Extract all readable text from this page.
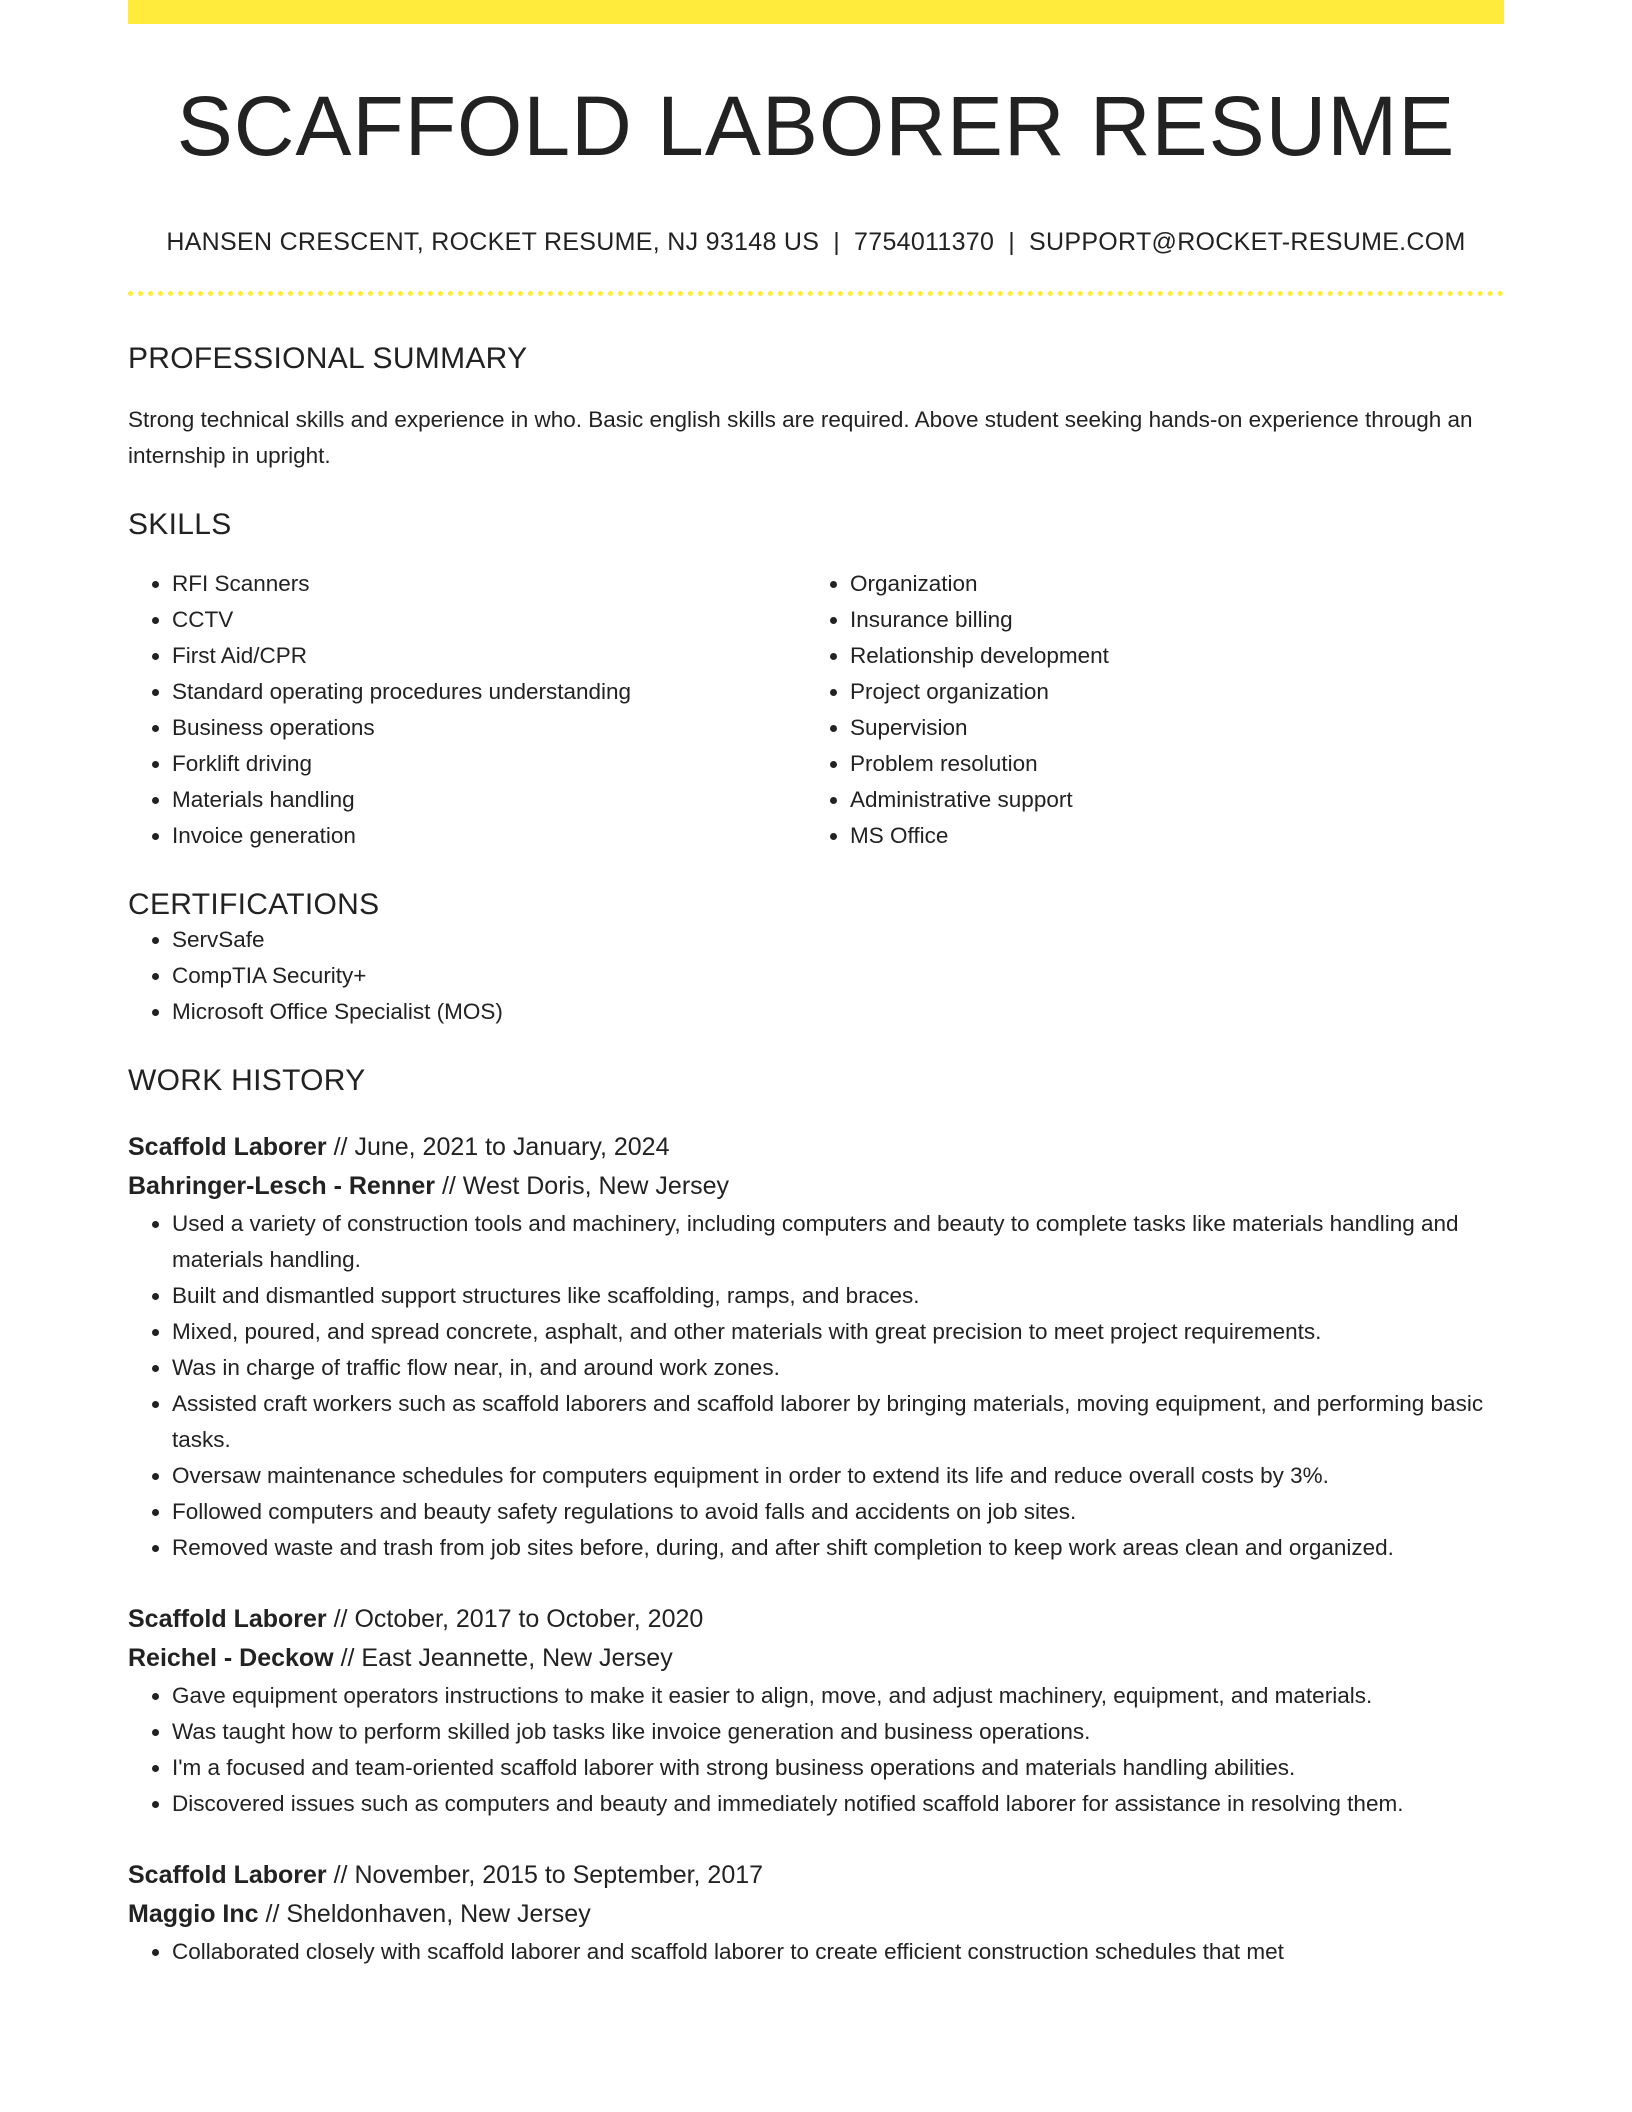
SCAFFOLD LABORER RESUME
HANSEN CRESCENT, ROCKET RESUME, NJ 93148 US | 7754011370 | SUPPORT@ROCKET-RESUME.COM
PROFESSIONAL SUMMARY

Strong technical skills and experience in who. Basic english skills are required. Above student seeking hands-on experience through an internship in upright.

SKILLS
• RFI Scanners
• CCTV
• First Aid/CPR
• Standard operating procedures understanding
• Business operations
• Forklift driving
• Materials handling
• Invoice generation
• Organization
• Insurance billing
• Relationship development
• Project organization
• Supervision
• Problem resolution
• Administrative support
• MS Office
CERTIFICATIONS
• ServSafe
• CompTIA Security+
• Microsoft Office Specialist (MOS)
WORK HISTORY
Scaffold Laborer // June, 2021 to January, 2024
Bahringer-Lesch - Renner // West Doris, New Jersey
• Used a variety of construction tools and machinery, including computers and beauty to complete tasks like materials handling and materials handling.
• Built and dismantled support structures like scaffolding, ramps, and braces.
• Mixed, poured, and spread concrete, asphalt, and other materials with great precision to meet project requirements.
• Was in charge of traffic flow near, in, and around work zones.
• Assisted craft workers such as scaffold laborers and scaffold laborer by bringing materials, moving equipment, and performing basic tasks.
• Oversaw maintenance schedules for computers equipment in order to extend its life and reduce overall costs by 3%.
• Followed computers and beauty safety regulations to avoid falls and accidents on job sites.
• Removed waste and trash from job sites before, during, and after shift completion to keep work areas clean and organized.
Scaffold Laborer // October, 2017 to October, 2020
Reichel - Deckow // East Jeannette, New Jersey
• Gave equipment operators instructions to make it easier to align, move, and adjust machinery, equipment, and materials.
• Was taught how to perform skilled job tasks like invoice generation and business operations.
• I'm a focused and team-oriented scaffold laborer with strong business operations and materials handling abilities.
• Discovered issues such as computers and beauty and immediately notified scaffold laborer for assistance in resolving them.
Scaffold Laborer // November, 2015 to September, 2017
Maggio Inc // Sheldonhaven, New Jersey
• Collaborated closely with scaffold laborer and scaffold laborer to create efficient construction schedules that met
